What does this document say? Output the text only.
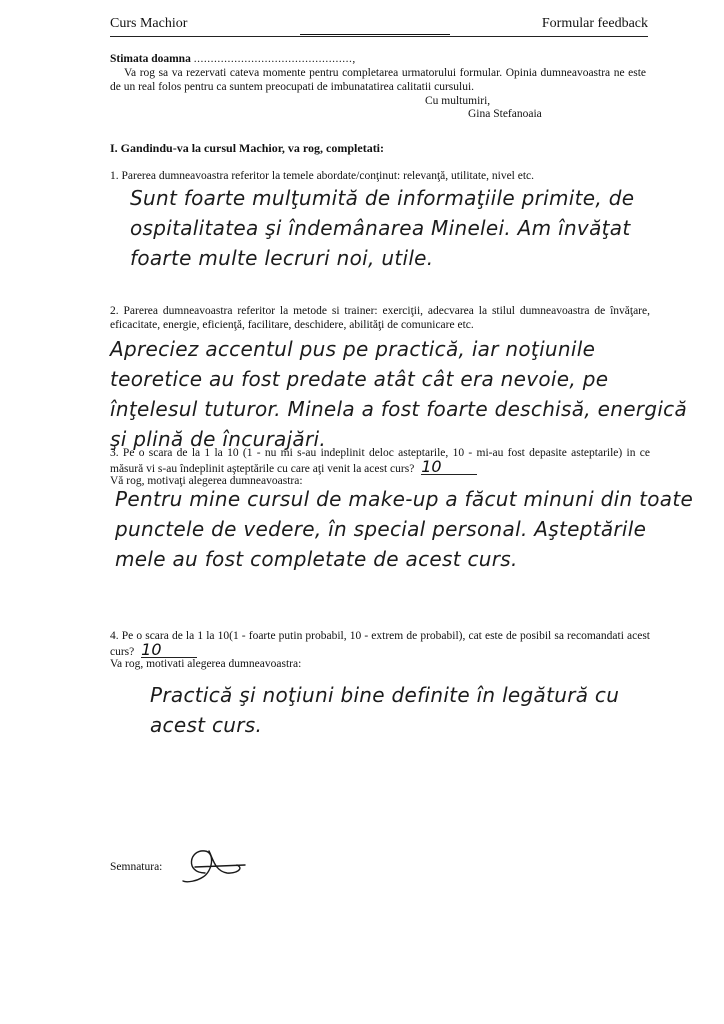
Curs Machior	Formular feedback
Stimata doamna ...............................................,
Va rog sa va rezervati cateva momente pentru completarea urmatorului formular. Opinia dumneavoastra ne este de un real folos pentru ca suntem preocupati de imbunatatirea calitatii cursului.
Cu multumiri,
Gina Stefanoaia
I. Gandindu-va la cursul Machior, va rog, completati:
1. Parerea dumneavoastra referitor la temele abordate/conţinut: relevanţă, utilitate, nivel etc.
Sunt foarte mulţumită de informaţiile primite, de ospitalitatea şi îndemânarea Minelei. Am învăţat foarte multe lecruri noi, utile.
2. Parerea dumneavoastra referitor la metode si trainer: exerciţii, adecvarea la stilul dumneavoastra de învăţare, eficacitate, energie, eficienţă, facilitare, deschidere, abilităţi de comunicare etc.
Apreciez accentul pus pe practică, iar noţiunile teoretice au fost predate atât cât era nevoie, pe înţelesul tuturor. Minela a fost foarte deschisă, energică şi plină de încurajări.
3. Pe o scara de la 1 la 10 (1 - nu mi s-au indeplinit deloc asteptarile, 10 - mi-au fost depasite asteptarile) in ce măsură vi s-au îndeplinit aşteptările cu care aţi venit la acest curs? 10
Vă rog, motivaţi alegerea dumneavoastra:
Pentru mine cursul de make-up a făcut minuni din toate punctele de vedere, în special personal. Aşteptările mele au fost completate de acest curs.
4. Pe o scara de la 1 la 10(1 - foarte putin probabil, 10 - extrem de probabil), cat este de posibil sa recomandati acest curs? 10
Va rog, motivati alegerea dumneavoastra:
Practică şi noţiuni bine definite în legătură cu acest curs.
Semnatura:
